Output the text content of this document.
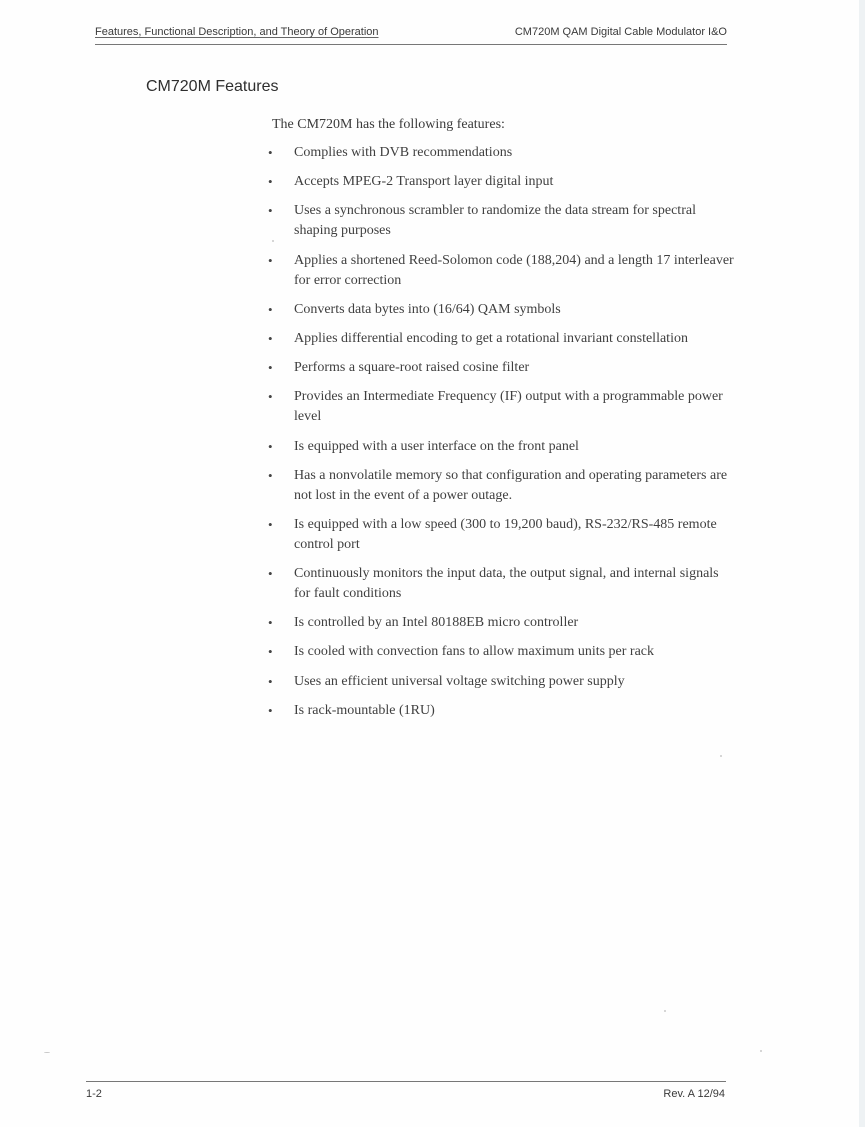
Features, Functional Description, and Theory of Operation	CM720M QAM Digital Cable Modulator I&O
CM720M Features
The CM720M has the following features:
•	Complies with DVB recommendations
•	Accepts MPEG-2 Transport layer digital input
•	Uses a synchronous scrambler to randomize the data stream for spectral shaping purposes
•	Applies a shortened Reed-Solomon code (188,204) and a length 17 interleaver for error correction
•	Converts data bytes into (16/64) QAM symbols
•	Applies differential encoding to get a rotational invariant constellation
•	Performs a square-root raised cosine filter
•	Provides an Intermediate Frequency (IF) output with a programmable power level
•	Is equipped with a user interface on the front panel
•	Has a nonvolatile memory so that configuration and operating parameters are not lost in the event of a power outage.
•	Is equipped with a low speed (300 to 19,200 baud), RS-232/RS-485 remote control port
•	Continuously monitors the input data, the output signal, and internal signals for fault conditions
•	Is controlled by an Intel 80188EB micro controller
•	Is cooled with convection fans to allow maximum units per rack
•	Uses an efficient universal voltage switching power supply
•	Is rack-mountable (1RU)
1-2	Rev. A 12/94
